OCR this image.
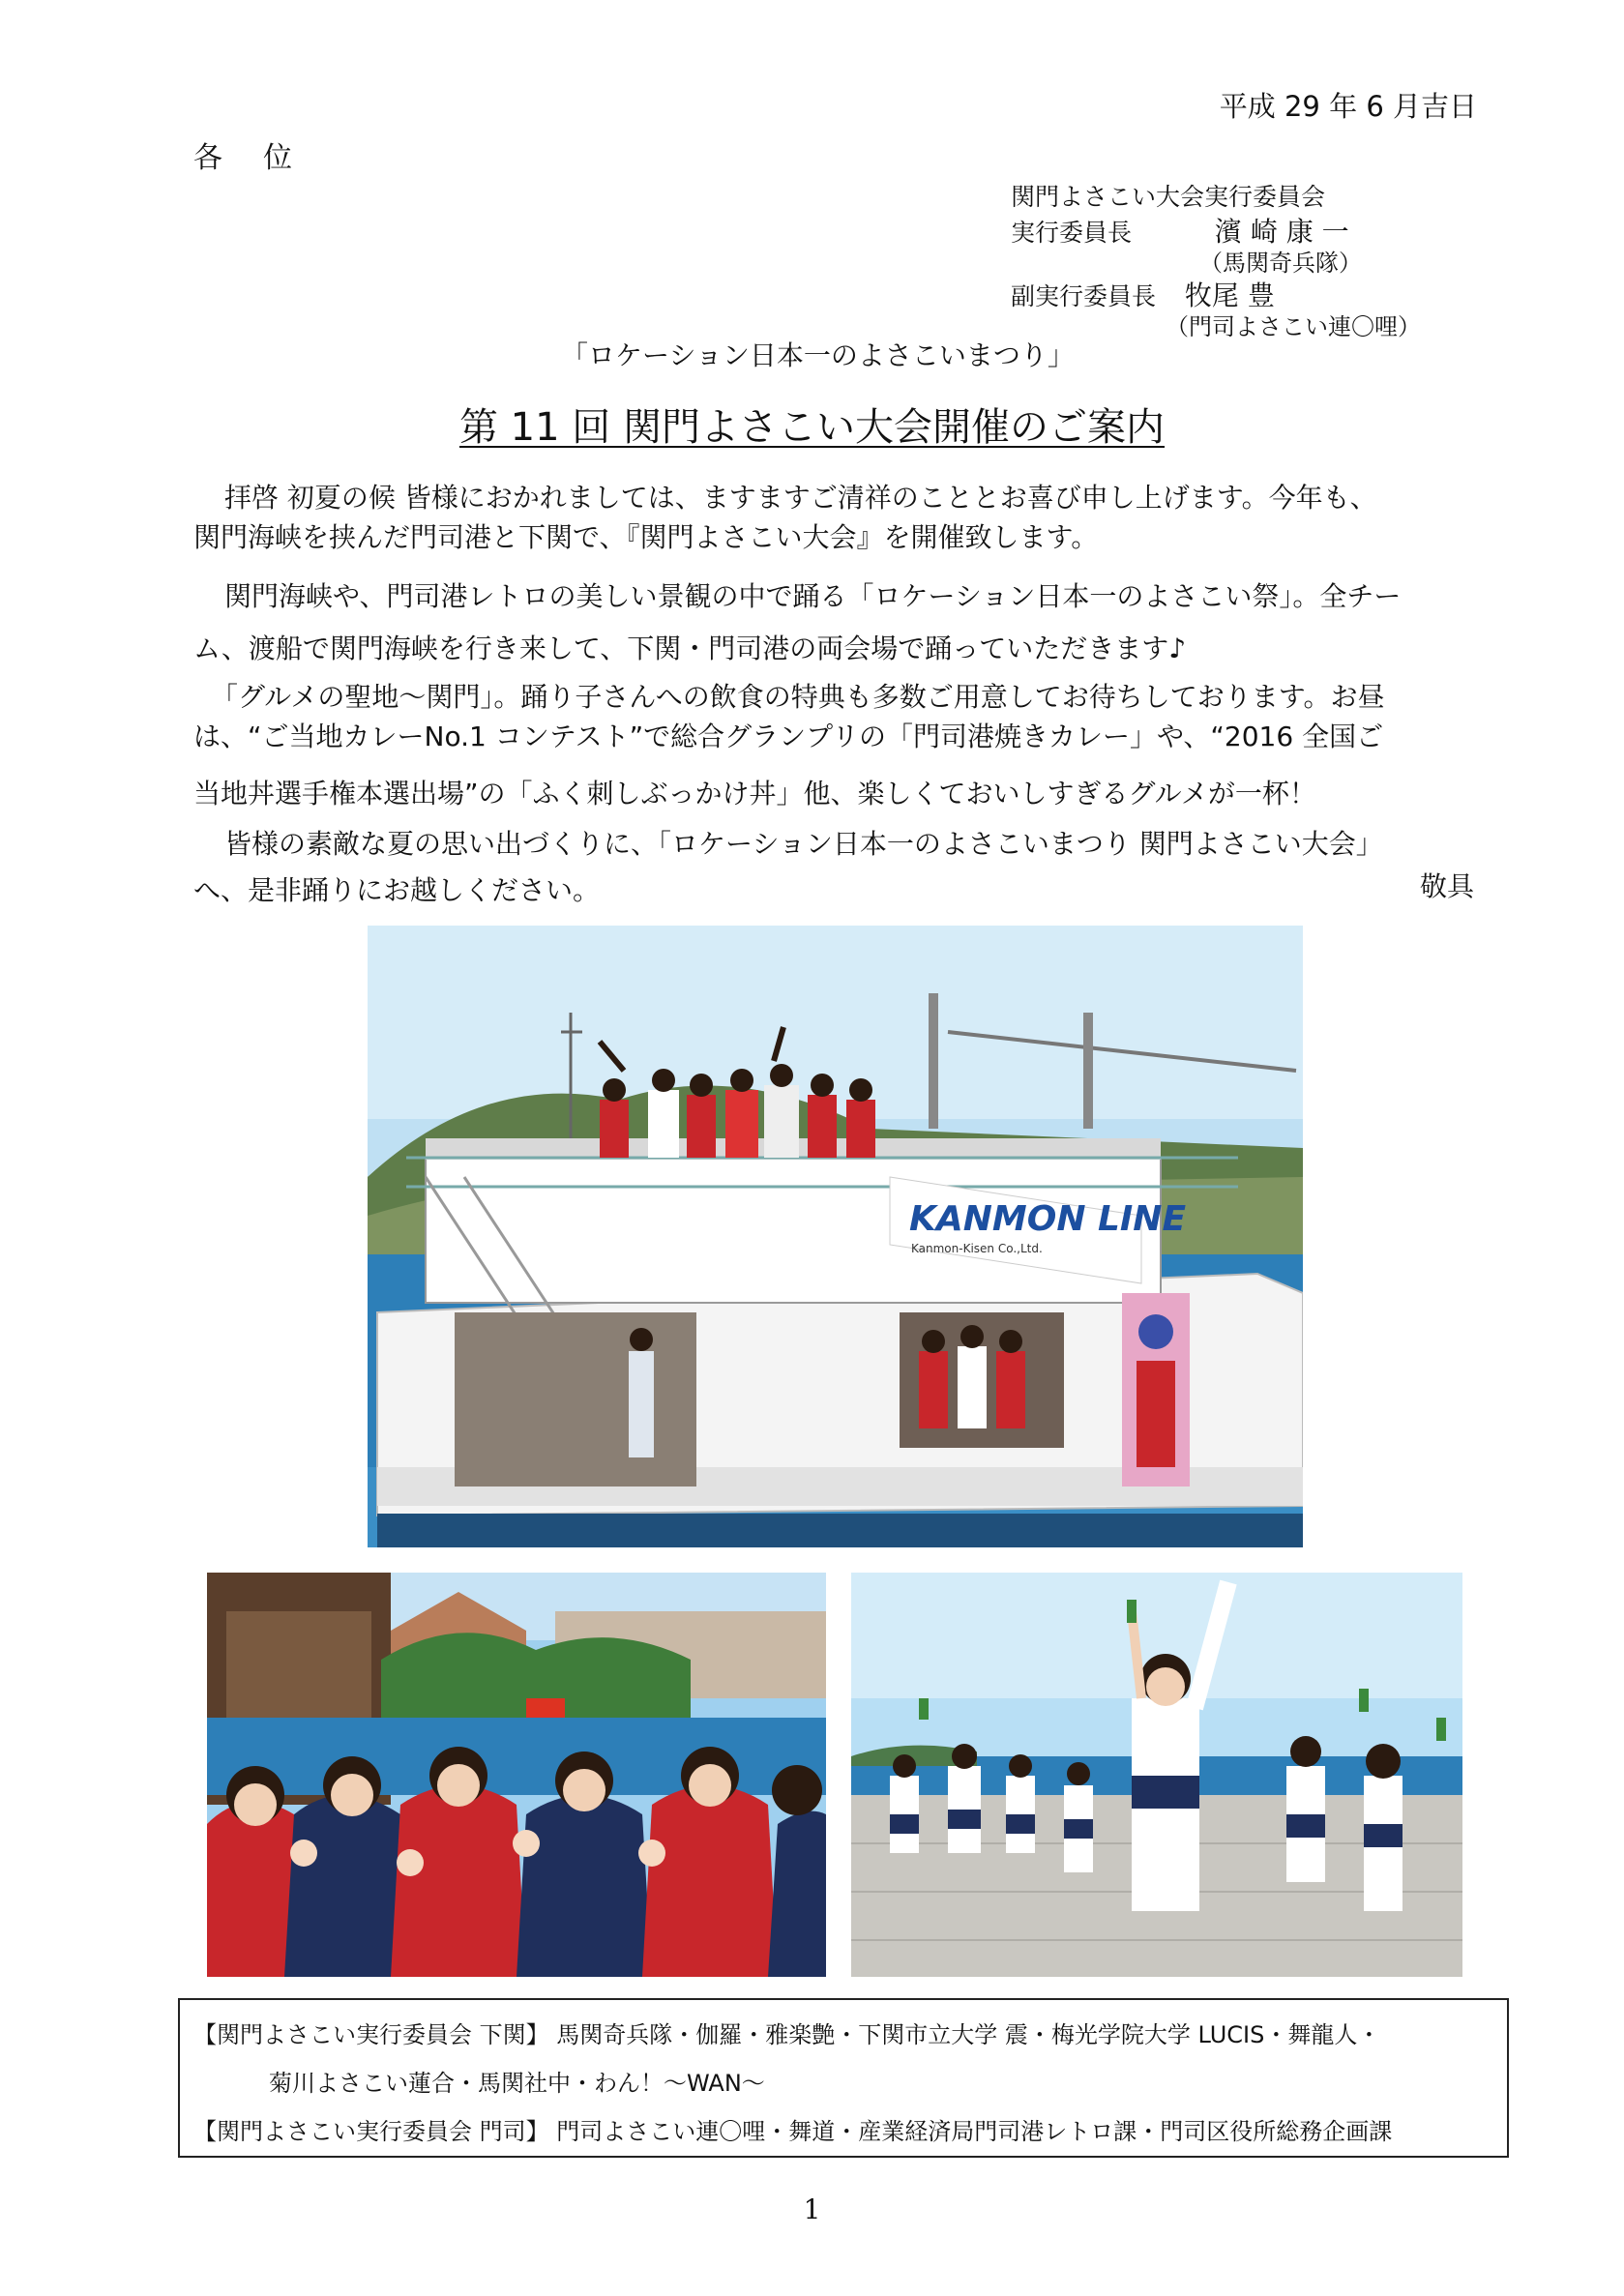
平成 29 年 6 月吉日
各位
関門よさこい大会実行委員会
実行委員長	濱 崎 康 一
（馬関奇兵隊）
副実行委員長 牧尾 豊
（門司よさこい連〇哩）
「ロケーション日本一のよさこいまつり」
第 11 回 関門よさこい大会開催のご案内
拝啓 初夏の候 皆様におかれましては、ますますご清祥のこととお喜び申し上げます。今年も、
関門海峡を挟んだ門司港と下関で、『関門よさこい大会』を開催致します。
関門海峡や、門司港レトロの美しい景観の中で踊る「ロケーション日本一のよさこい祭」。全チー
ム、渡船で関門海峡を行き来して、下関・門司港の両会場で踊っていただきます♪
「グルメの聖地～関門」。踊り子さんへの飲食の特典も多数ご用意してお待ちしております。お昼
は、“ご当地カレーNo.1 コンテスト”で総合グランプリの「門司港焼きカレー」や、“2016 全国ご
当地丼選手権本選出場”の「ふく刺しぶっかけ丼」他、楽しくておいしすぎるグルメが一杯！
皆様の素敵な夏の思い出づくりに、「ロケーション日本一のよさこいまつり 関門よさこい大会」
へ、是非踊りにお越しください。	敬具
KANMON LINE
Kanmon-Kisen Co.,Ltd.
【関門よさこい実行委員会 下関】 馬関奇兵隊・伽羅・雅楽艶・下関市立大学 震・梅光学院大学 LUCIS・舞龍人・
菊川よさこい蓮合・馬関社中・わん！～WAN～
【関門よさこい実行委員会 門司】 門司よさこい連〇哩・舞道・産業経済局門司港レトロ課・門司区役所総務企画課
1
